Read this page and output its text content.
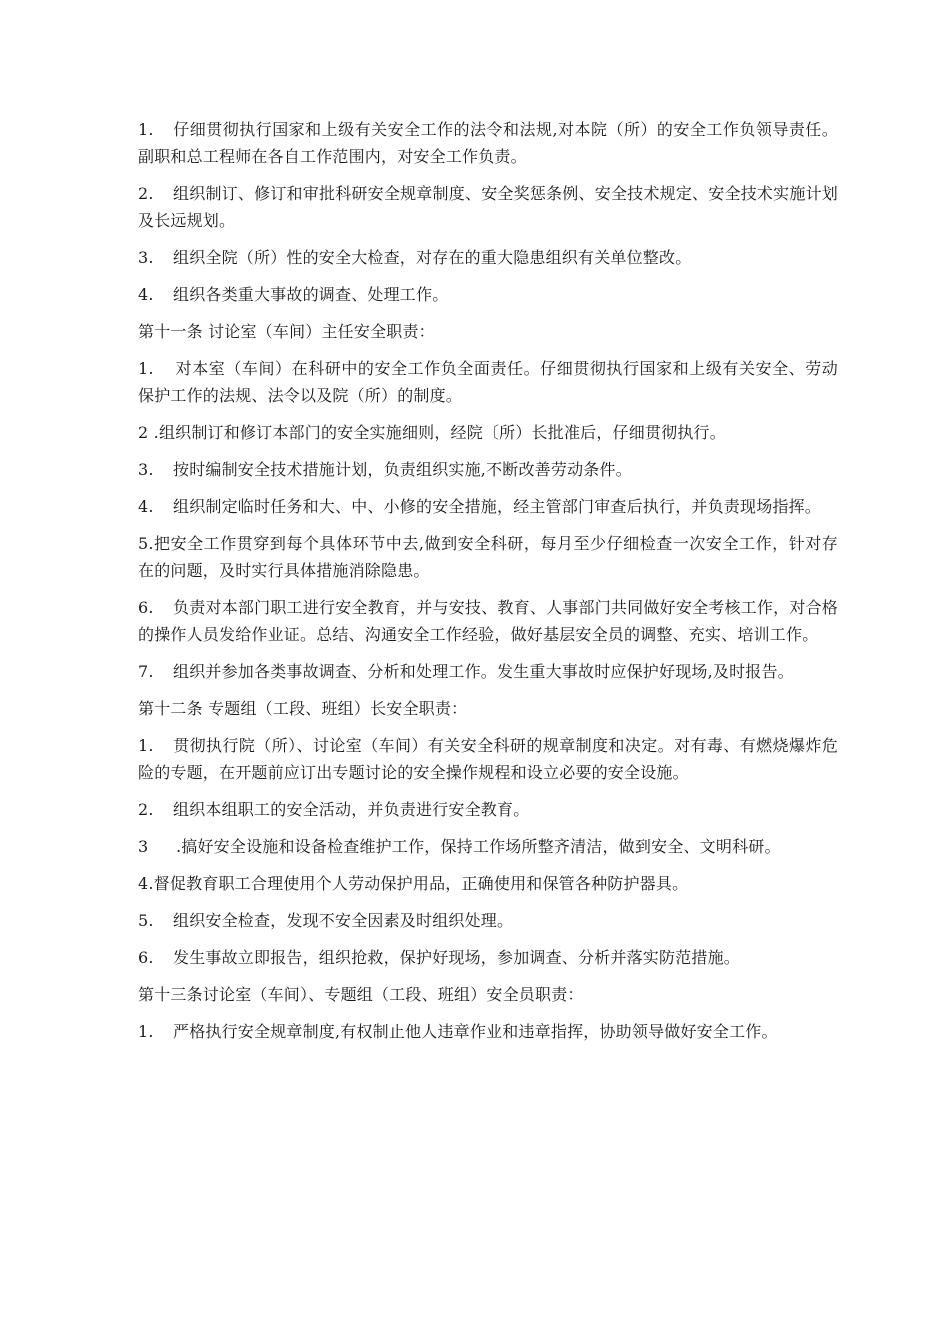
1. 仔细贯彻执行国家和上级有关安全工作的法令和法规,对本院（所）的安全工作负领导责任。副职和总工程师在各自工作范围内，对安全工作负责。

2. 组织制订、修订和审批科研安全规章制度、安全奖惩条例、安全技术规定、安全技术实施计划及长远规划。

3. 组织全院（所）性的安全大检查，对存在的重大隐患组织有关单位整改。

4. 组织各类重大事故的调查、处理工作。

第十一条 讨论室（车间）主任安全职责：

1. 对本室（车间）在科研中的安全工作负全面责任。仔细贯彻执行国家和上级有关安全、劳动保护工作的法规、法令以及院（所）的制度。

2 .组织制订和修订本部门的安全实施细则，经院〔所）长批准后，仔细贯彻执行。

3. 按时编制安全技术措施计划，负责组织实施,不断改善劳动条件。

4. 组织制定临时任务和大、中、小修的安全措施，经主管部门审查后执行，并负责现场指挥。

5.把安全工作贯穿到每个具体环节中去,做到安全科研，每月至少仔细检查一次安全工作，针对存在的问题，及时实行具体措施消除隐患。

6. 负责对本部门职工进行安全教育，并与安技、教育、人事部门共同做好安全考核工作，对合格的操作人员发给作业证。总结、沟通安全工作经验，做好基层安全员的调整、充实、培训工作。

7. 组织并参加各类事故调查、分析和处理工作。发生重大事故时应保护好现场,及时报告。

第十二条 专题组（工段、班组）长安全职责：

1. 贯彻执行院（所）、讨论室（车间）有关安全科研的规章制度和决定。对有毒、有燃烧爆炸危险的专题，在开题前应订出专题讨论的安全操作规程和设立必要的安全设施。

2. 组织本组职工的安全活动，并负责进行安全教育。

3 .搞好安全设施和设备检查维护工作，保持工作场所整齐清洁，做到安全、文明科研。

4.督促教育职工合理使用个人劳动保护用品，正确使用和保管各种防护器具。

5. 组织安全检查，发现不安全因素及时组织处理。

6. 发生事故立即报告，组织抢救，保护好现场，参加调查、分析并落实防范措施。

第十三条讨论室（车间）、专题组（工段、班组）安全员职责：

1. 严格执行安全规章制度,有权制止他人违章作业和违章指挥，协助领导做好安全工作。
